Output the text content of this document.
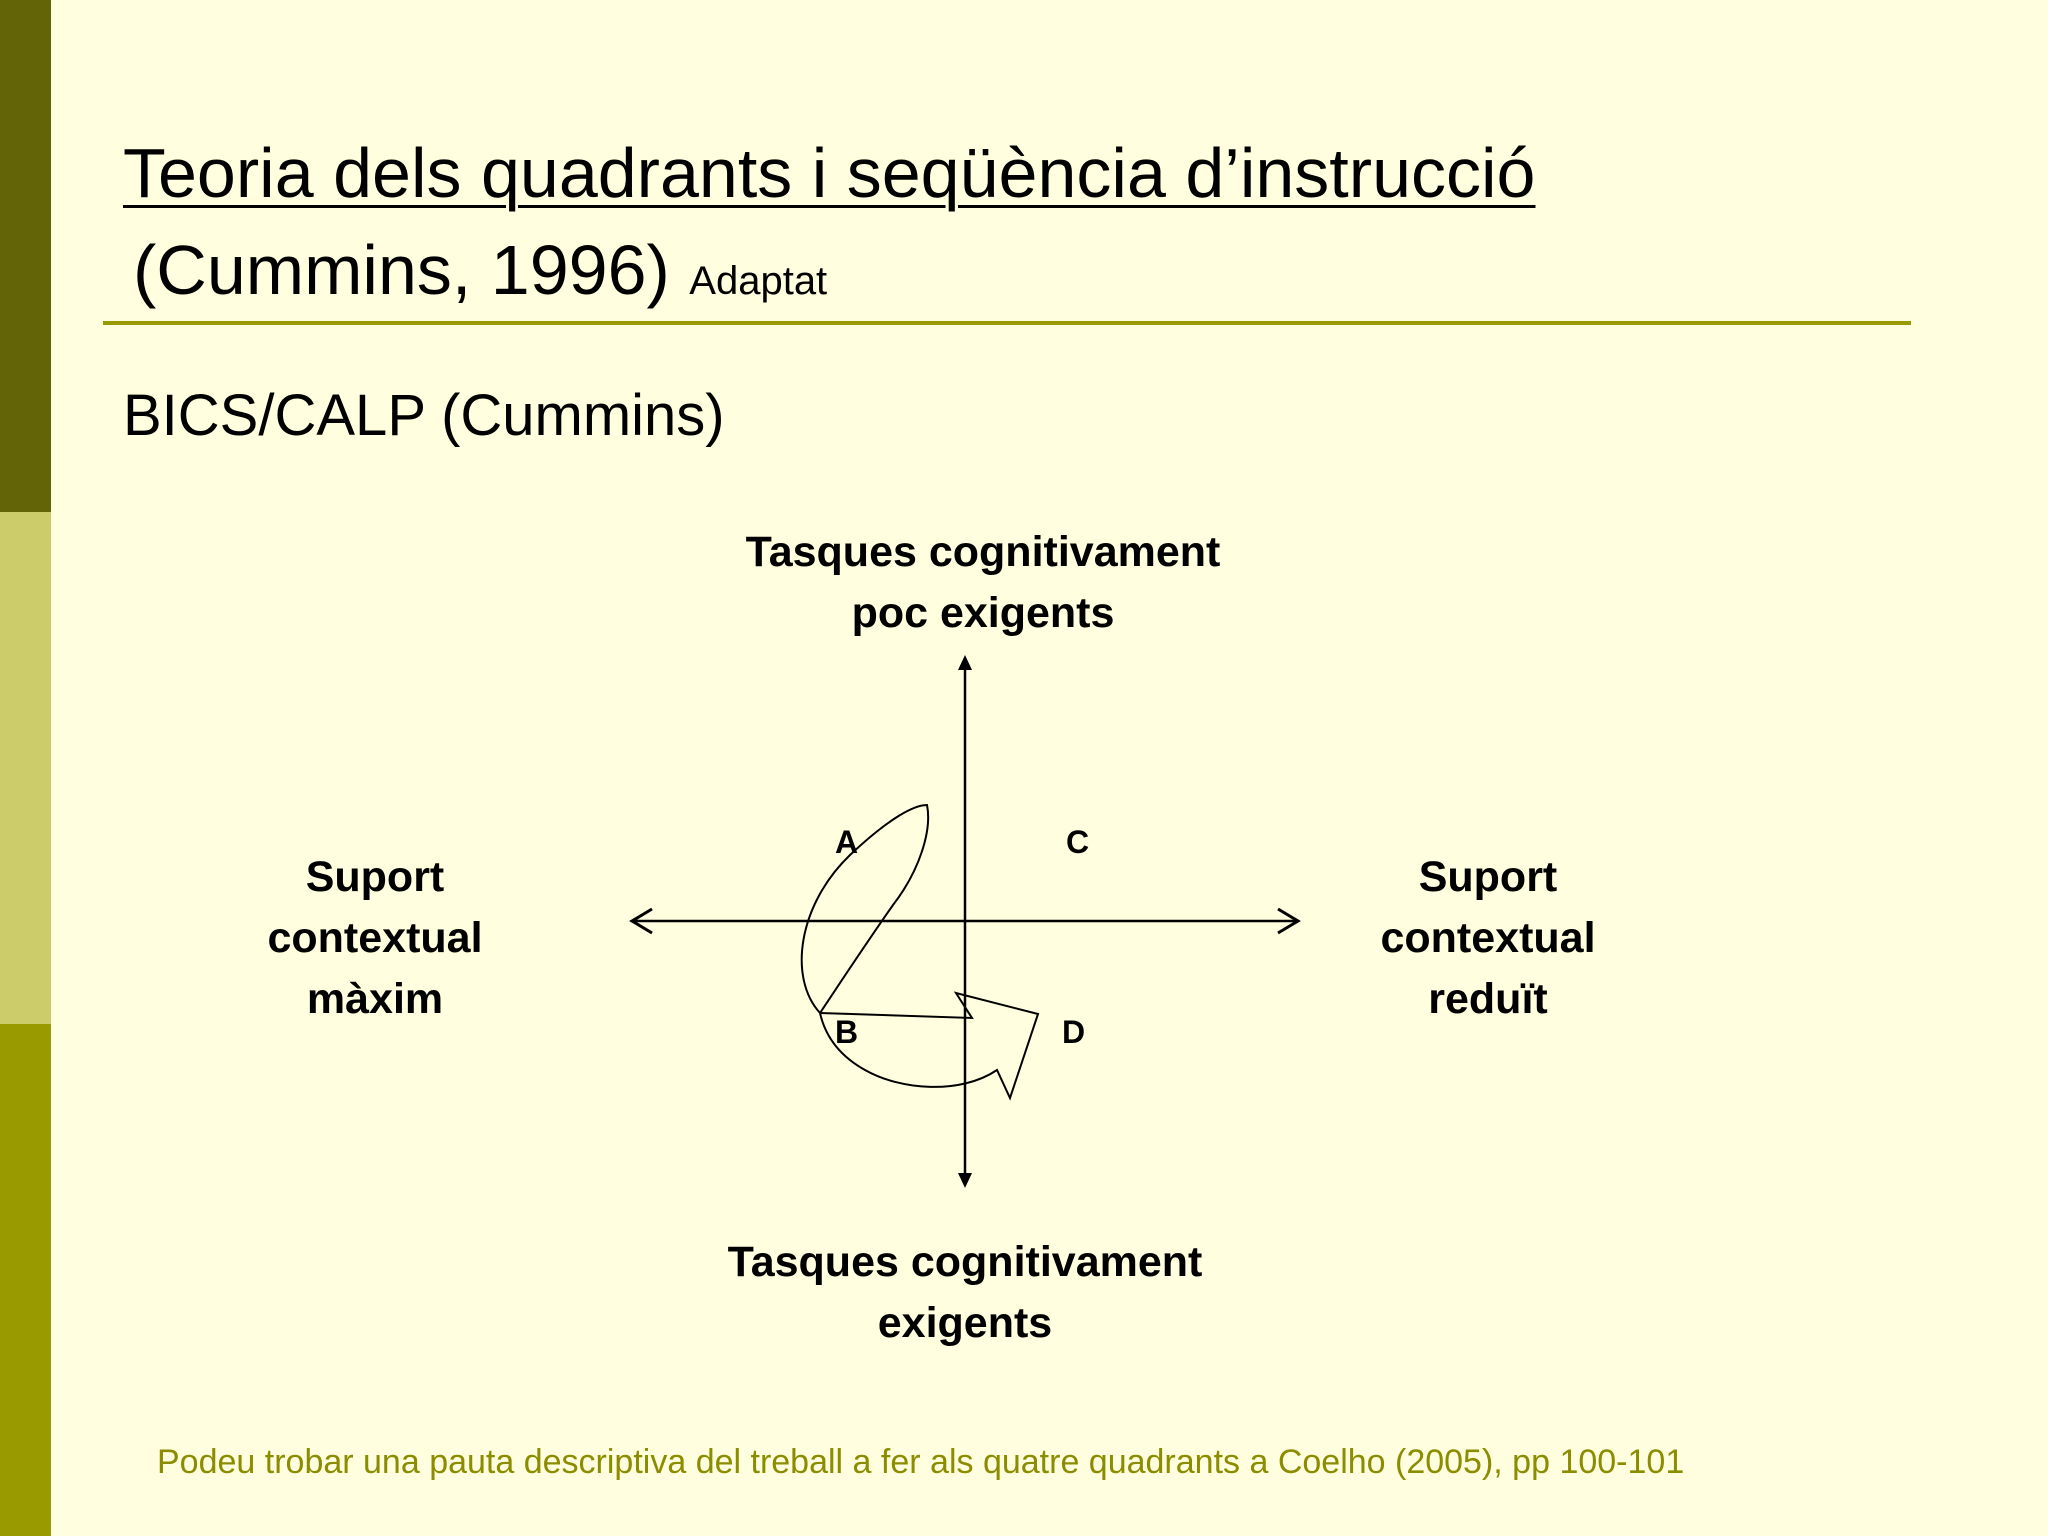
Teoria dels quadrants i seqüència d’instrucció
(Cummins, 1996) Adaptat
BICS/CALP (Cummins)
Tasques cognitivament
poc exigents
Tasques cognitivament
exigents
Suport
contextual
màxim
Suport
contextual
reduït
A	C
B	D
Podeu trobar una pauta descriptiva del treball a fer als quatre quadrants a Coelho (2005), pp 100-101
